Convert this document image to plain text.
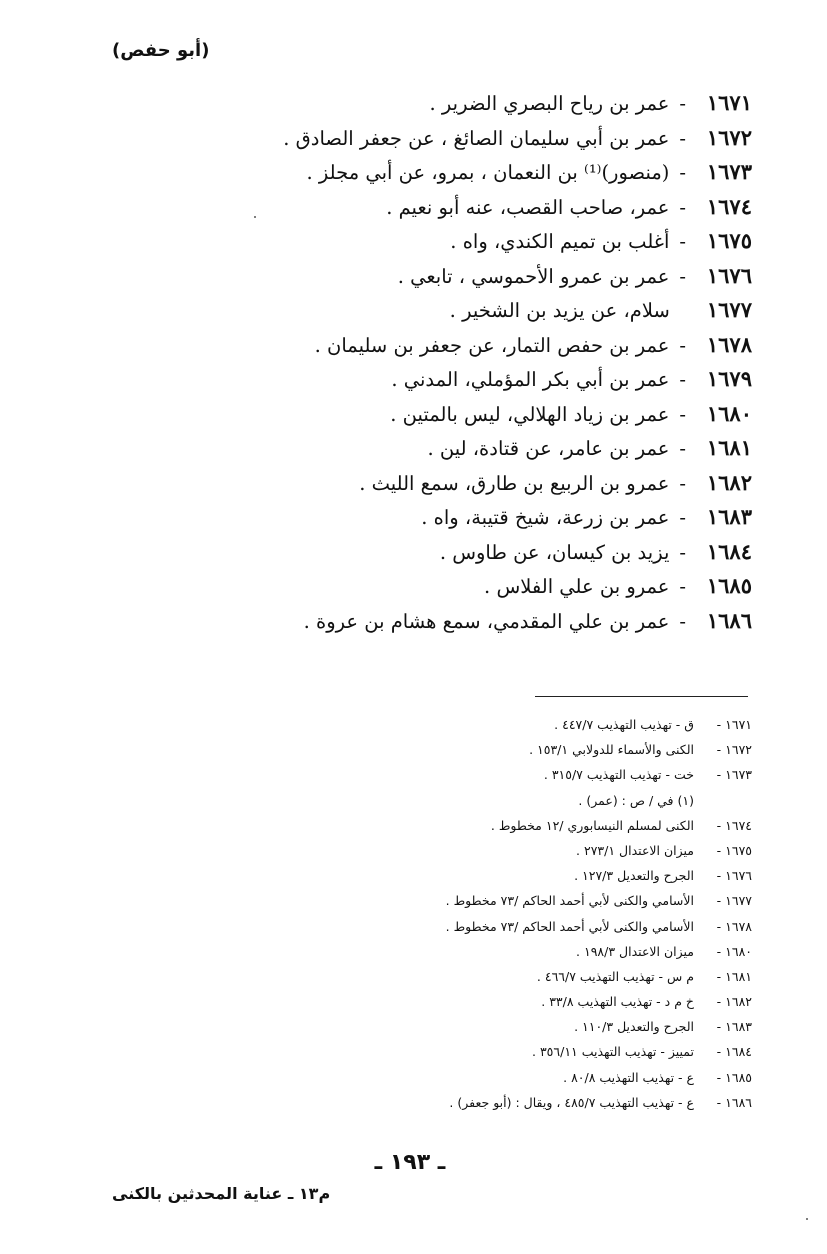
(أبو حفص)
١٦٧١
-
عمر بن رياح البصري الضرير .
١٦٧٢
-
عمر بن أبي سليمان الصائغ ، عن جعفر الصادق .
١٦٧٣
-
(منصور)⁽¹⁾ بن النعمان ، بمرو، عن أبي مجلز .
١٦٧٤
-
عمر، صاحب القصب، عنه أبو نعيم .
١٦٧٥
-
أغلب بن تميم الكندي، واه .
١٦٧٦
-
عمر بن عمرو الأحموسي ، تابعي .
١٦٧٧

سلام، عن يزيد بن الشخير .
١٦٧٨
-
عمر بن حفص التمار، عن جعفر بن سليمان .
١٦٧٩
-
عمر بن أبي بكر المؤملي، المدني .
١٦٨٠
-
عمر بن زياد الهلالي، ليس بالمتين .
١٦٨١
-
عمر بن عامر، عن قتادة، لين .
١٦٨٢
-
عمرو بن الربيع بن طارق، سمع الليث .
١٦٨٣
-
عمر بن زرعة، شيخ قتيبة، واه .
١٦٨٤
-
يزيد بن كيسان، عن طاوس .
١٦٨٥
-
عمرو بن علي الفلاس .
١٦٨٦
-
عمر بن علي المقدمي، سمع هشام بن عروة .
١٦٧١ -
ق - تهذيب التهذيب ٤٤٧/٧ .
١٦٧٢ -
الكنى والأسماء للدولابي ١٥٣/١ .
١٦٧٣ -
خت - تهذيب التهذيب ٣١٥/٧ .
(١) في / ص : (عمر) .
١٦٧٤ -
الكنى لمسلم النيسابوري /١٢ مخطوط .
١٦٧٥ -
ميزان الاعتدال ٢٧٣/١ .
١٦٧٦ -
الجرح والتعديل ١٢٧/٣ .
١٦٧٧ -
الأسامي والكنى لأبي أحمد الحاكم /٧٣ مخطوط .
١٦٧٨ -
الأسامي والكنى لأبي أحمد الحاكم /٧٣ مخطوط .
١٦٨٠ -
ميزان الاعتدال ١٩٨/٣ .
١٦٨١ -
م س - تهذيب التهذيب ٤٦٦/٧ .
١٦٨٢ -
خ م د - تهذيب التهذيب ٣٣/٨ .
١٦٨٣ -
الجرح والتعديل ١١٠/٣ .
١٦٨٤ -
تمييز - تهذيب التهذيب ٣٥٦/١١ .
١٦٨٥ -
ع - تهذيب التهذيب ٨٠/٨ .
١٦٨٦ -
ع - تهذيب التهذيب ٤٨٥/٧ ، ويقال : (أبو جعفر) .
ـ ١٩٣ ـ
م١٣ ـ عناية المحدثين بالكنى
